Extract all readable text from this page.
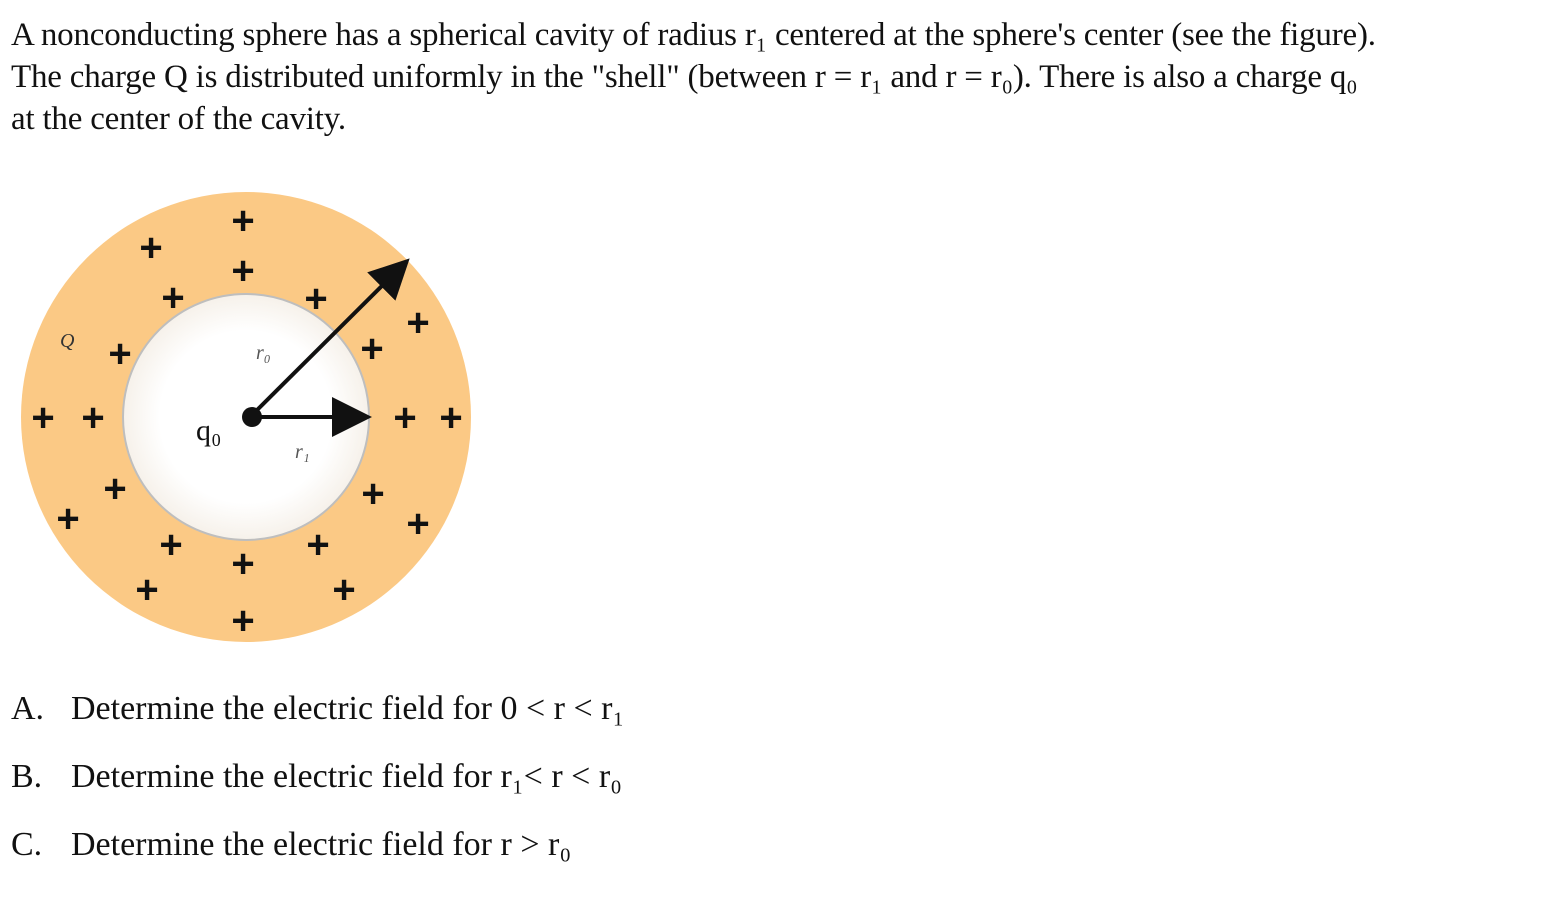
A nonconducting sphere has a spherical cavity of radius r₁ centered at the sphere's center (see the figure).
The charge Q is distributed uniformly in the "shell" (between r = r₁ and r = r₀). There is also a charge q₀
at the center of the cavity.
Q
q₀
r₀
r₁
+
+
+
+	+
+
+
+
+ +	+ +
+
+
+
+
+ + +
+	+
+
A. Determine the electric field for 0 < r < r₁
B. Determine the electric field for r₁< r < r₀
C. Determine the electric field for r > r₀
